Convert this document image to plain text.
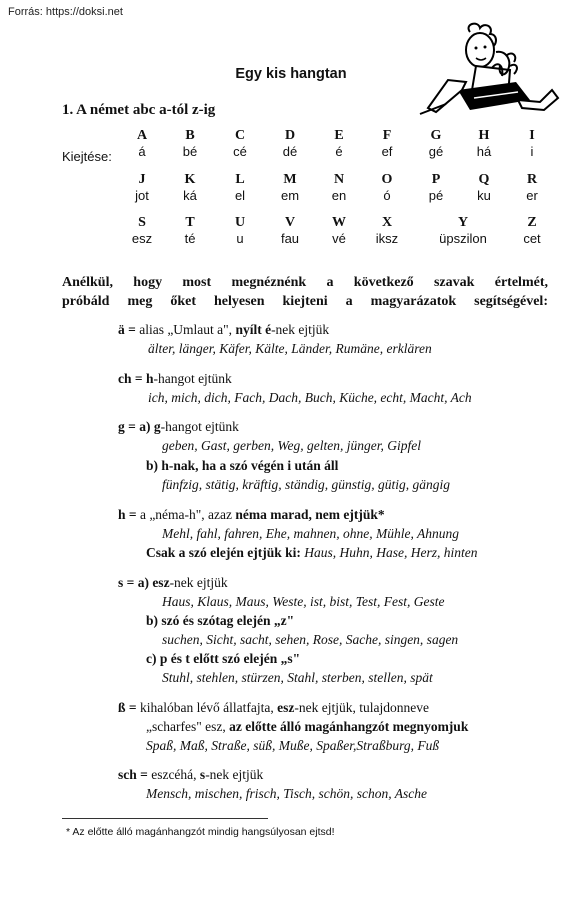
Forrás: https://doksi.net
Egy kis hangtan
1. A német abc a-tól z-ig
Kiejtése:
A
á
B
bé
C
cé
D
dé
E
é
F
ef
G
gé
H
há
I
i
J
jot
K
ká
L
el
M
em
N
en
O
ó
P
pé
Q
ku
R
er
S
esz
T
té
U
u
V
fau
W
vé
X
iksz
Y
üpszilon
Z
cet
Anélkül, hogy most megnéznénk a következő szavak értelmét,
próbáld meg őket helyesen kiejteni a magyarázatok segítségével:
ä = alias „Umlaut a", nyílt é-nek ejtjük
älter, länger, Käfer, Kälte, Länder, Rumäne, erklären
ch = h-hangot ejtünk
ich, mich, dich, Fach, Dach, Buch, Küche, echt, Macht, Ach
g = a) g-hangot ejtünk
geben, Gast, gerben, Weg, gelten, jünger, Gipfel
b) h-nak, ha a szó végén i után áll
fünfzig, stätig, kräftig, ständig, günstig, gütig, gängig
h = a „néma-h", azaz néma marad, nem ejtjük*
Mehl, fahl, fahren, Ehe, mahnen, ohne, Mühle, Ahnung
Csak a szó elején ejtjük ki: Haus, Huhn, Hase, Herz, hinten
s = a) esz-nek ejtjük
Haus, Klaus, Maus, Weste, ist, bist, Test, Fest, Geste
b) szó és szótag elején „z"
suchen, Sicht, sacht, sehen, Rose, Sache, singen, sagen
c) p és t előtt szó elején „s"
Stuhl, stehlen, stürzen, Stahl, sterben, stellen, spät
ß = kihalóban lévő állatfajta, esz-nek ejtjük, tulajdonneve
„scharfes" esz, az előtte álló magánhangzót megnyomjuk
Spaß, Maß, Straße, süß, Muße, Spaßer,Straßburg, Fuß
sch = eszcéhá, s-nek ejtjük
Mensch, mischen, frisch, Tisch, schön, schon, Asche
* Az előtte álló magánhangzót mindig hangsúlyosan ejtsd!
